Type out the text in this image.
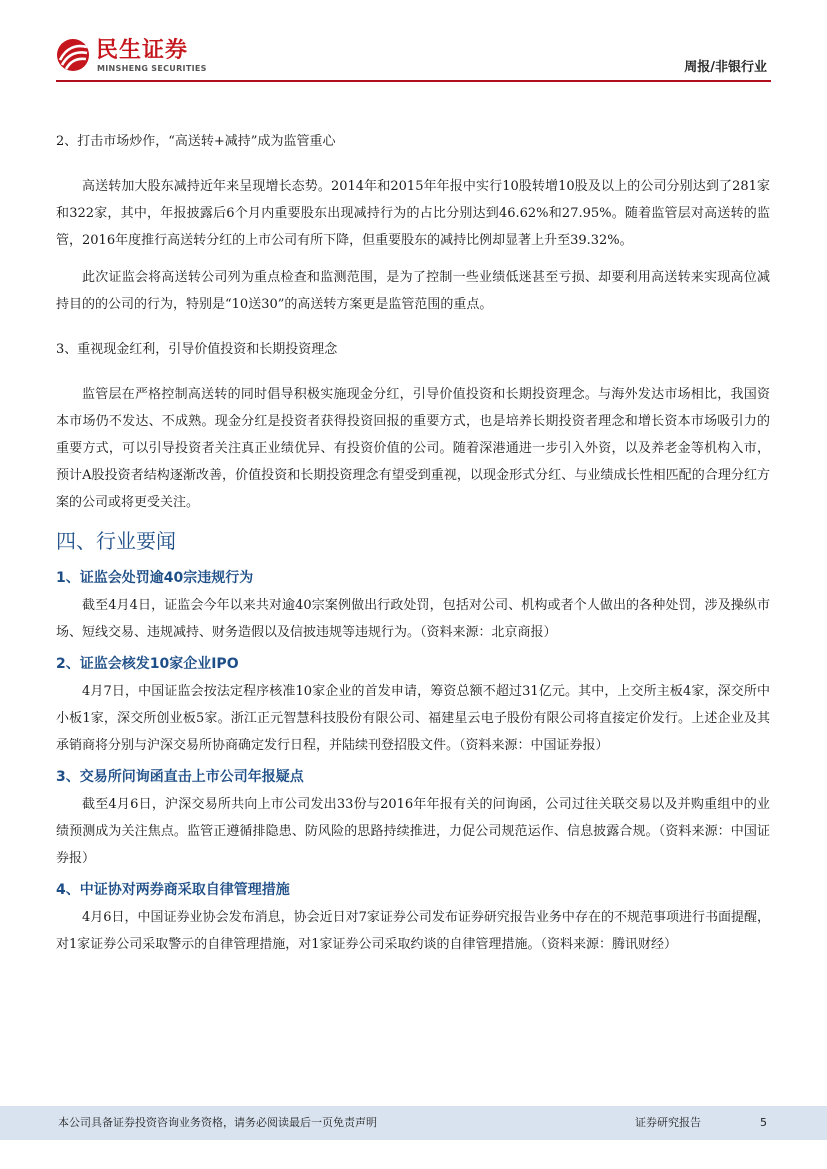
民生证券
MINSHENG SECURITIES	周报/非银行业

2、打击市场炒作，“高送转+减持”成为监管重心

高送转加大股东减持近年来呈现增长态势。2014年和2015年年报中实行10股转增10股及以上的公司分别达到了281家和322家，其中，年报披露后6个月内重要股东出现减持行为的占比分别达到46.62%和27.95%。随着监管层对高送转的监管，2016年度推行高送转分红的上市公司有所下降，但重要股东的减持比例却显著上升至39.32%。

此次证监会将高送转公司列为重点检查和监测范围，是为了控制一些业绩低迷甚至亏损、却要利用高送转来实现高位减持目的的公司的行为，特别是“10送30”的高送转方案更是监管范围的重点。

3、重视现金红利，引导价值投资和长期投资理念

监管层在严格控制高送转的同时倡导积极实施现金分红，引导价值投资和长期投资理念。与海外发达市场相比，我国资本市场仍不发达、不成熟。现金分红是投资者获得投资回报的重要方式，也是培养长期投资者理念和增长资本市场吸引力的重要方式，可以引导投资者关注真正业绩优异、有投资价值的公司。随着深港通进一步引入外资，以及养老金等机构入市，预计A股投资者结构逐渐改善，价值投资和长期投资理念有望受到重视，以现金形式分红、与业绩成长性相匹配的合理分红方案的公司或将更受关注。

四、行业要闻
1、证监会处罚逾40宗违规行为

截至4月4日，证监会今年以来共对逾40宗案例做出行政处罚，包括对公司、机构或者个人做出的各种处罚，涉及操纵市场、短线交易、违规减持、财务造假以及信披违规等违规行为。（资料来源：北京商报）

2、证监会核发10家企业IPO

4月7日，中国证监会按法定程序核准10家企业的首发申请，筹资总额不超过31亿元。其中，上交所主板4家，深交所中小板1家，深交所创业板5家。浙江正元智慧科技股份有限公司、福建星云电子股份有限公司将直接定价发行。上述企业及其承销商将分别与沪深交易所协商确定发行日程，并陆续刊登招股文件。（资料来源：中国证券报）

3、交易所问询函直击上市公司年报疑点

截至4月6日，沪深交易所共向上市公司发出33份与2016年年报有关的问询函，公司过往关联交易以及并购重组中的业绩预测成为关注焦点。监管正遵循排隐患、防风险的思路持续推进，力促公司规范运作、信息披露合规。（资料来源：中国证券报）

4、中证协对两券商采取自律管理措施

4月6日，中国证券业协会发布消息，协会近日对7家证券公司发布证券研究报告业务中存在的不规范事项进行书面提醒，对1家证券公司采取警示的自律管理措施，对1家证券公司采取约谈的自律管理措施。（资料来源：腾讯财经）

本公司具备证券投资咨询业务资格，请务必阅读最后一页免责声明	证券研究报告	5
